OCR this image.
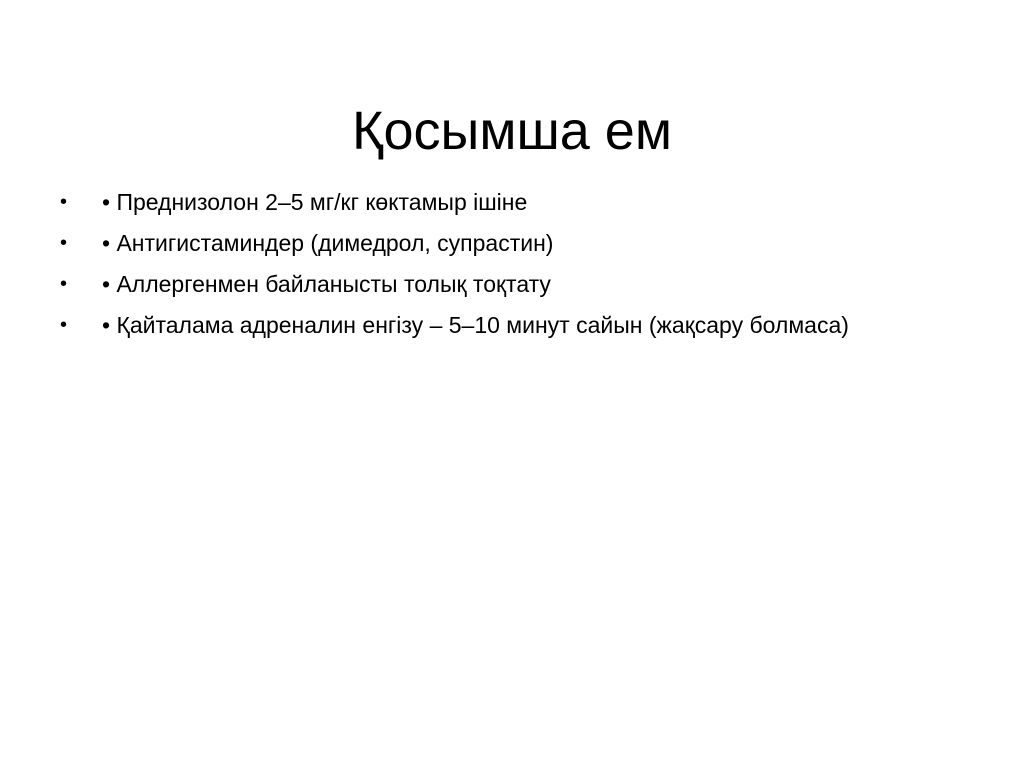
Қосымша ем
•	• Преднизолон 2–5 мг/кг көктамыр ішіне
•	• Антигистаминдер (димедрол, супрастин)
•	• Аллергенмен байланысты толық тоқтату
•	• Қайталама адреналин енгізу – 5–10 минут сайын (жақсару болмаса)
